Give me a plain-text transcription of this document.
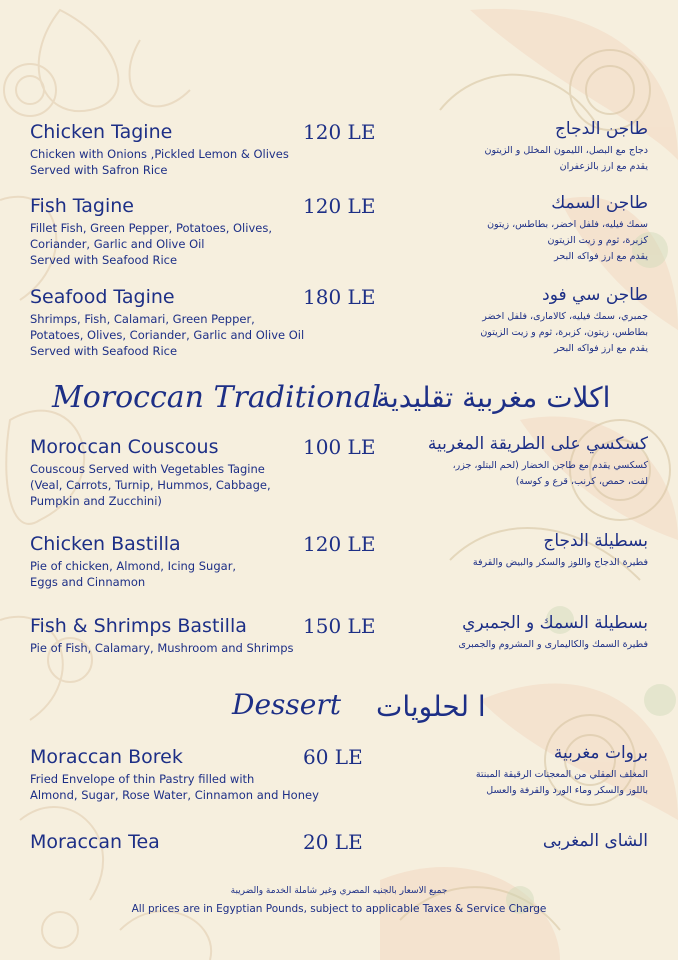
Chicken Tagine	120 LE
Chicken with Onions ,Pickled Lemon & Olives
Served with Safron Rice
طاجن الدجاج
دجاج مع البصل، الليمون المخلل و الزيتون
يقدم مع ارز بالزعفران
Fish Tagine	120 LE
Fillet Fish, Green Pepper, Potatoes, Olives,
Coriander, Garlic and Olive Oil
Served with Seafood Rice
طاجن السمك
سمك فيليه، فلفل اخضر، بطاطس، زيتون
كزبرة، ثوم و زيت الزيتون
يقدم مع ارز فواكه البحر
Seafood Tagine	180 LE
Shrimps, Fish, Calamari, Green Pepper,
Potatoes, Olives, Coriander, Garlic and Olive Oil
Served with Seafood Rice
طاجن سي فود
جمبري، سمك فيليه، كالامارى، فلفل اخضر
بطاطس، زيتون، كزبرة، ثوم و زيت الزيتون
يقدم مع ارز فواكه البحر
Moroccan Couscous	100 LE
Couscous Served with Vegetables Tagine
(Veal, Carrots, Turnip, Hummos, Cabbage,
Pumpkin and Zucchini)
كسكسي على الطريقة المغربية
كسكسي يقدم مع طاجن الخضار (لحم البتلو، جزر،
لفت، حمص، كرنب، قرع و كوسة)
Chicken Bastilla	120 LE
Pie of chicken, Almond, Icing Sugar,
Eggs and Cinnamon
بسطيلة الدجاج
فطيرة الدجاج واللوز والسكر والبيض والقرفة
Fish & Shrimps Bastilla	150 LE
Pie of Fish, Calamary, Mushroom and Shrimps
بسطيلة السمك و الجمبري
فطيرة السمك والكاليمارى و المشروم والجمبرى
Moraccan Borek	60 LE
Fried Envelope of thin Pastry filled with
Almond, Sugar, Rose Water, Cinnamon and Honey
بروات مغربية
المغلف المقلي من المعجنات الرقيقة المبنتة
باللوز والسكر وماء الورد والقرفة والعسل
Moraccan Tea	20 LE	الشاى المغربى
Moroccan Traditional
اكلات مغربية تقليدية
Dessert ا لحلويات
جميع الاسعار بالجنيه المصري وغير شاملة الخدمة والضريبة
All prices are in Egyptian Pounds, subject to applicable Taxes & Service Charge
